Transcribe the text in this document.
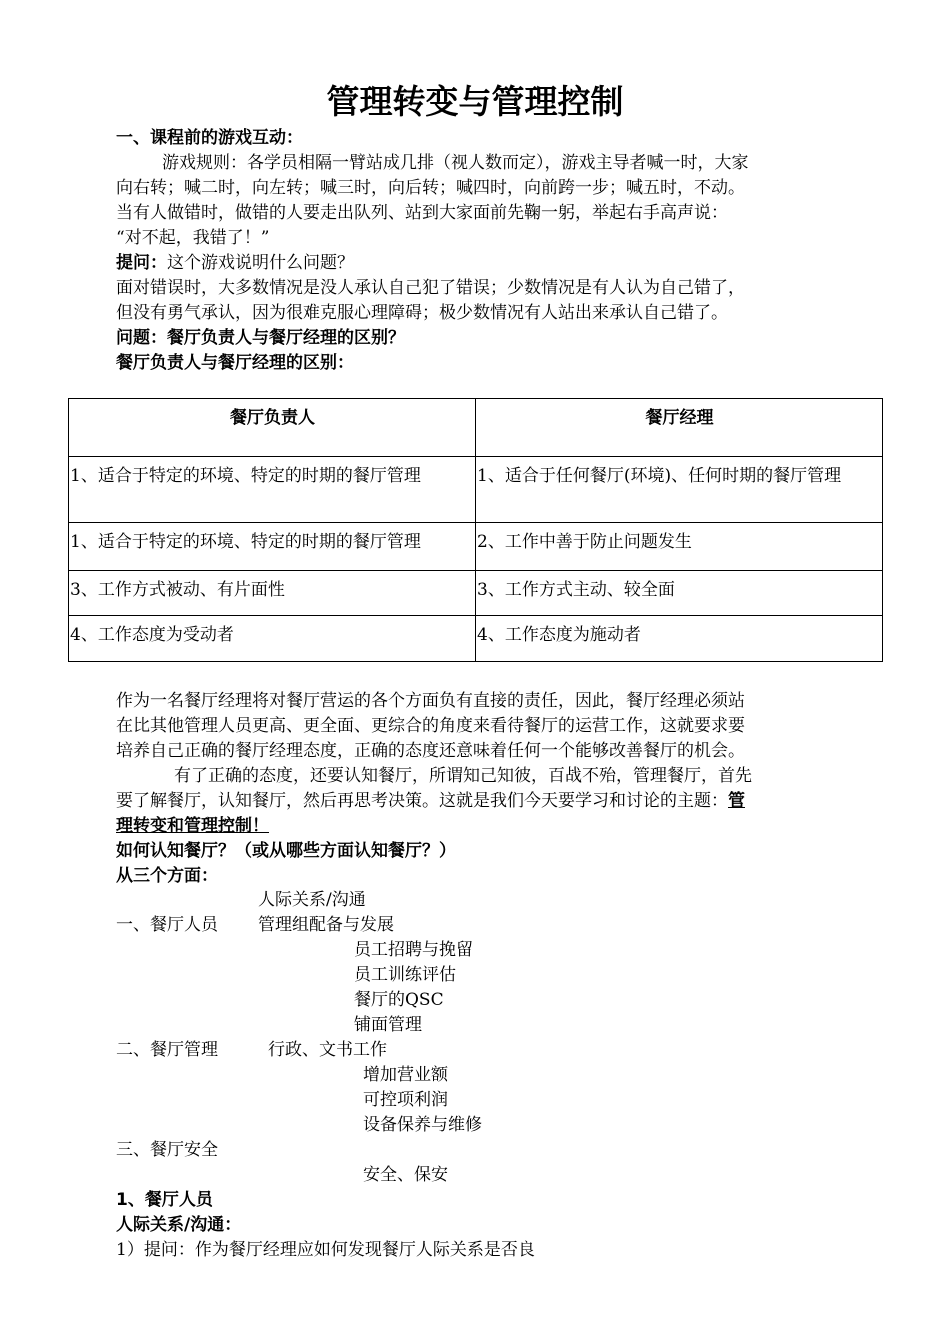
管理转变与管理控制
一、课程前的游戏互动：
游戏规则：各学员相隔一臂站成几排（视人数而定），游戏主导者喊一时，大家
向右转；喊二时，向左转；喊三时，向后转；喊四时，向前跨一步；喊五时，不动。
当有人做错时，做错的人要走出队列、站到大家面前先鞠一躬，举起右手高声说：
“对不起，我错了！”
提问：这个游戏说明什么问题？
面对错误时，大多数情况是没人承认自己犯了错误；少数情况是有人认为自己错了，
但没有勇气承认，因为很难克服心理障碍；极少数情况有人站出来承认自己错了。
问题：餐厅负责人与餐厅经理的区别？
餐厅负责人与餐厅经理的区别：
餐厅负责人	餐厅经理
1、适合于特定的环境、特定的时期的餐厅管理	1、适合于任何餐厅(环境)、任何时期的餐厅管理
1、适合于特定的环境、特定的时期的餐厅管理	2、工作中善于防止问题发生
3、工作方式被动、有片面性	3、工作方式主动、较全面
4、工作态度为受动者	4、工作态度为施动者
作为一名餐厅经理将对餐厅营运的各个方面负有直接的责任，因此，餐厅经理必须站
在比其他管理人员更高、更全面、更综合的角度来看待餐厅的运营工作，这就要求要
培养自己正确的餐厅经理态度，正确的态度还意味着任何一个能够改善餐厅的机会。
有了正确的态度，还要认知餐厅，所谓知己知彼，百战不殆，管理餐厅，首先
要了解餐厅，认知餐厅，然后再思考决策。这就是我们今天要学习和讨论的主题：管
理转变和管理控制！
如何认知餐厅？（或从哪些方面认知餐厅？）
从三个方面：
人际关系/沟通
一、餐厅人员 管理组配备与发展
员工招聘与挽留
员工训练评估
餐厅的QSC
铺面管理
二、餐厅管理	行政、文书工作
增加营业额
可控项利润
设备保养与维修
三、餐厅安全
安全、保安
1、餐厅人员
人际关系/沟通：
1）提问：作为餐厅经理应如何发现餐厅人际关系是否良
